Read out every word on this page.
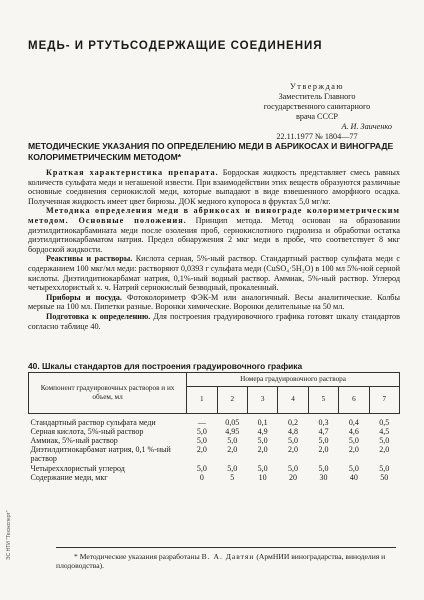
МЕДЬ- И РТУТЬСОДЕРЖАЩИЕ СОЕДИНЕНИЯ
Утверждаю
Заместитель Главного
государственного санитарного
врача СССР
А. И. Заиченко
22.11.1977 № 1804—77
МЕТОДИЧЕСКИЕ УКАЗАНИЯ ПО ОПРЕДЕЛЕНИЮ МЕДИ В АБРИКОСАХ И ВИНОГРАДЕ КОЛОРИМЕТРИЧЕСКИМ МЕТОДОМ*

Краткая характеристика препарата. Бордоская жидкость представляет смесь равных количеств сульфата меди и негашеной извести. При взаимодействии этих веществ образуются различные основные соединения сернокислой меди, которые выпадают в виде взвешенного аморфного осадка. Полученная жидкость имеет цвет бирюзы. ДОК медного купороса в фруктах 5,0 мг/кг.

Методика определения меди в абрикосах и винограде колориметрическим методом. Основные положения. Принцип метода. Метод основан на образовании диэтилдитиокарбамината меди после озоления проб, сернокислотного гидролиза и обработки остатка диэтилдитиокарбаматом натрия. Предел обнаружения 2 мкг меди в пробе, что соответствует 8 мкг бордоской жидкости.

Реактивы и растворы. Кислота серная, 5%-ный раствор. Стандартный раствор сульфата меди с содержанием 100 мкг/мл меди: растворяют 0,0393 г сульфата меди (CuSO₄·5H₂O) в 100 мл 5%-ной серной кислоты. Диэтилдитиокарбамат натрия, 0,1%-ный водный раствор. Аммиак, 5%-ный раствор. Углерод четыреххлористый х. ч. Натрий сернокислый безводный, прокаленный.

Приборы и посуда. Фотоколориметр ФЭК-М или аналогичный. Весы аналитические. Колбы мерные на 100 мл. Пипетки разные. Воронки химические. Воронки делительные на 50 мл.

Подготовка к определению. Для построения градуировочного графика готовят шкалу стандартов согласно таблице 40.

40. Шкалы стандартов для построения градуировочного графика
Компонент градуировочных растворов и их объем, мл	Номера градуировочного раствора						
	1	2	3	4	5	6	7
Стандартный раствор сульфата меди	—	0,05	0,1	0,2	0,3	0,4	0,5
Серная кислота, 5%-ный раствор	5,0	4,95	4,9	4,8	4,7	4,6	4,5
Аммиак, 5%-ный раствор	5,0	5,0	5,0	5,0	5,0	5,0	5,0
Диэтилдитиокарбамат натрия, 0,1 %-ный раствор	2,0	2,0	2,0	2,0	2,0	2,0	2,0
Четыреххлористый углерод	5,0	5,0	5,0	5,0	5,0	5,0	5,0
Содержание меди, мкг	0	5	10	20	30	40	50
* Методические указания разработаны В. А. Давтян (АрмНИИ виноградарства, виноделия и плодоводства).
ЭС НТИ "Техэксперт"
